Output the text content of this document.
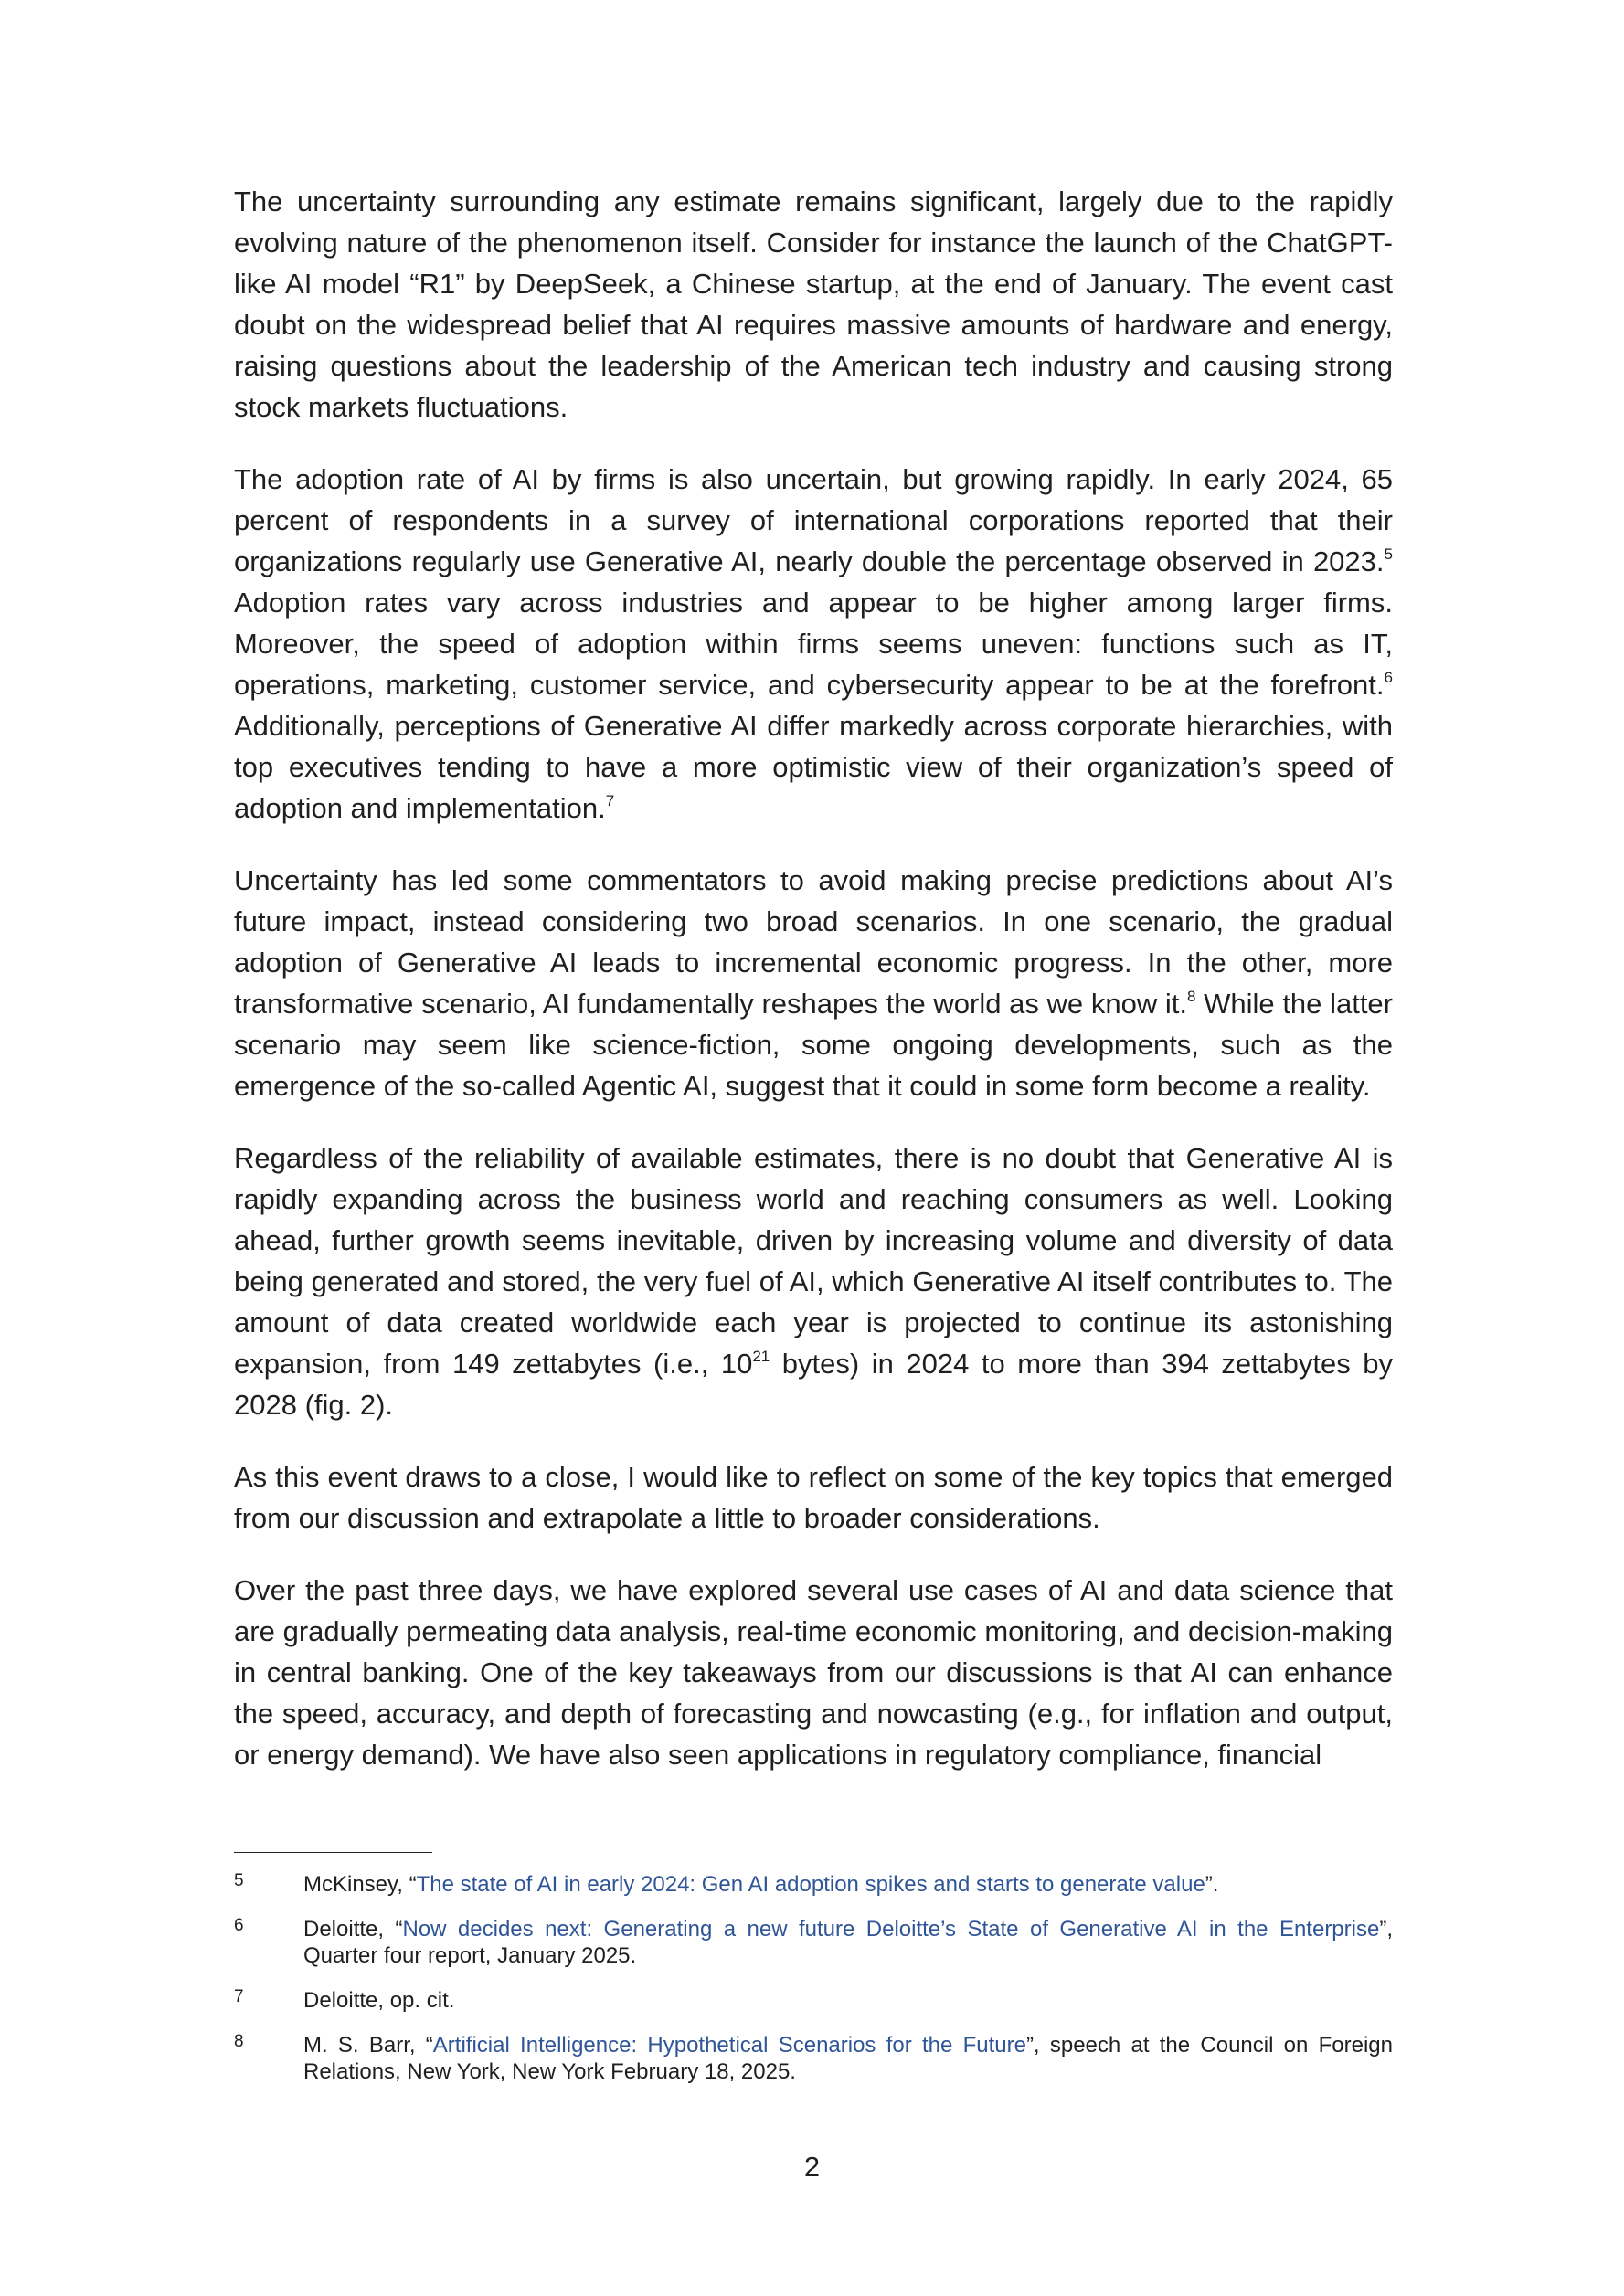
The uncertainty surrounding any estimate remains significant, largely due to the rapidly evolving nature of the phenomenon itself. Consider for instance the launch of the ChatGPT-like AI model “R1” by DeepSeek, a Chinese startup, at the end of January. The event cast doubt on the widespread belief that AI requires massive amounts of hardware and energy, raising questions about the leadership of the American tech industry and causing strong stock markets fluctuations.

The adoption rate of AI by firms is also uncertain, but growing rapidly. In early 2024, 65 percent of respondents in a survey of international corporations reported that their organizations regularly use Generative AI, nearly double the percentage observed in 2023.$^5$ Adoption rates vary across industries and appear to be higher among larger firms. Moreover, the speed of adoption within firms seems uneven: functions such as IT, operations, marketing, customer service, and cybersecurity appear to be at the forefront.$^6$ Additionally, perceptions of Generative AI differ markedly across corporate hierarchies, with top executives tending to have a more optimistic view of their organization’s speed of adoption and implementation.$^7$

Uncertainty has led some commentators to avoid making precise predictions about AI’s future impact, instead considering two broad scenarios. In one scenario, the gradual adoption of Generative AI leads to incremental economic progress. In the other, more transformative scenario, AI fundamentally reshapes the world as we know it.$^8$ While the latter scenario may seem like science-fiction, some ongoing developments, such as the emergence of the so-called Agentic AI, suggest that it could in some form become a reality.

Regardless of the reliability of available estimates, there is no doubt that Generative AI is rapidly expanding across the business world and reaching consumers as well. Looking ahead, further growth seems inevitable, driven by increasing volume and diversity of data being generated and stored, the very fuel of AI, which Generative AI itself contributes to. The amount of data created worldwide each year is projected to continue its astonishing expansion, from 149 zettabytes (i.e., 10$^{21}$ bytes) in 2024 to more than 394 zettabytes by 2028 (fig. 2).

As this event draws to a close, I would like to reflect on some of the key topics that emerged from our discussion and extrapolate a little to broader considerations.

Over the past three days, we have explored several use cases of AI and data science that are gradually permeating data analysis, real-time economic monitoring, and decision-making in central banking. One of the key takeaways from our discussions is that AI can enhance the speed, accuracy, and depth of forecasting and nowcasting (e.g., for inflation and output, or energy demand). We have also seen applications in regulatory compliance, financial

5	McKinsey, “The state of AI in early 2024: Gen AI adoption spikes and starts to generate value”.
6	Deloitte, “Now decides next: Generating a new future Deloitte’s State of Generative AI in the Enterprise”, Quarter four report, January 2025.
7	Deloitte, op. cit.
8	M. S. Barr, “Artificial Intelligence: Hypothetical Scenarios for the Future”, speech at the Council on Foreign Relations, New York, New York February 18, 2025.
2
